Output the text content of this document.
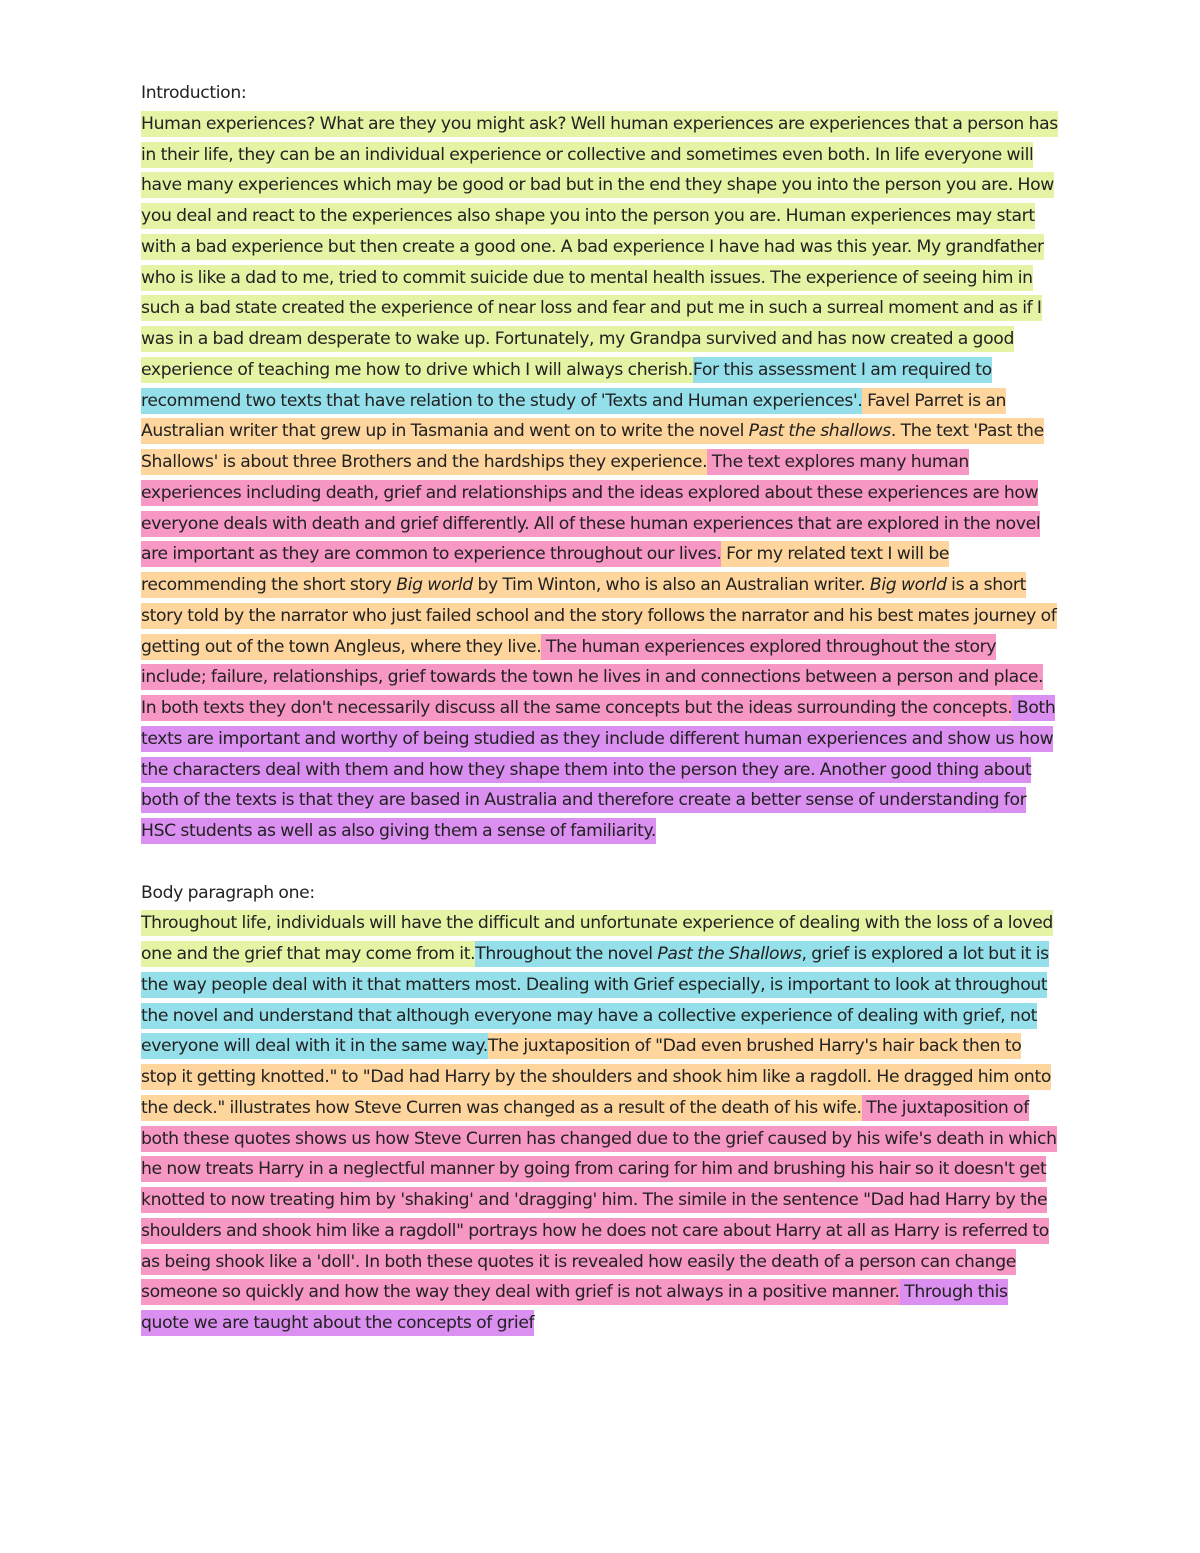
Introduction:

Human experiences? What are they you might ask? Well human experiences are experiences that a person has in their life, they can be an individual experience or collective and sometimes even both. In life everyone will have many experiences which may be good or bad but in the end they shape you into the person you are. How you deal and react to the experiences also shape you into the person you are. Human experiences may start with a bad experience but then create a good one. A bad experience I have had was this year. My grandfather who is like a dad to me, tried to commit suicide due to mental health issues. The experience of seeing him in such a bad state created the experience of near loss and fear and put me in such a surreal moment and as if I was in a bad dream desperate to wake up. Fortunately, my Grandpa survived and has now created a good experience of teaching me how to drive which I will always cherish.For this assessment I am required to recommend two texts that have relation to the study of 'Texts and Human experiences'. Favel Parret is an Australian writer that grew up in Tasmania and went on to write the novel Past the shallows. The text 'Past the Shallows' is about three Brothers and the hardships they experience. The text explores many human experiences including death, grief and relationships and the ideas explored about these experiences are how everyone deals with death and grief differently. All of these human experiences that are explored in the novel are important as they are common to experience throughout our lives. For my related text I will be recommending the short story Big world by Tim Winton, who is also an Australian writer. Big world is a short story told by the narrator who just failed school and the story follows the narrator and his best mates journey of getting out of the town Angleus, where they live. The human experiences explored throughout the story include; failure, relationships, grief towards the town he lives in and connections between a person and place. In both texts they don't necessarily discuss all the same concepts but the ideas surrounding the concepts. Both texts are important and worthy of being studied as they include different human experiences and show us how the characters deal with them and how they shape them into the person they are. Another good thing about both of the texts is that they are based in Australia and therefore create a better sense of understanding for HSC students as well as also giving them a sense of familiarity.

Body paragraph one:

Throughout life, individuals will have the difficult and unfortunate experience of dealing with the loss of a loved one and the grief that may come from it.Throughout the novel Past the Shallows, grief is explored a lot but it is the way people deal with it that matters most. Dealing with Grief especially, is important to look at throughout the novel and understand that although everyone may have a collective experience of dealing with grief, not everyone will deal with it in the same way.The juxtaposition of "Dad even brushed Harry's hair back then to stop it getting knotted." to "Dad had Harry by the shoulders and shook him like a ragdoll. He dragged him onto the deck." illustrates how Steve Curren was changed as a result of the death of his wife. The juxtaposition of both these quotes shows us how Steve Curren has changed due to the grief caused by his wife's death in which he now treats Harry in a neglectful manner by going from caring for him and brushing his hair so it doesn't get knotted to now treating him by 'shaking' and 'dragging' him. The simile in the sentence "Dad had Harry by the shoulders and shook him like a ragdoll" portrays how he does not care about Harry at all as Harry is referred to as being shook like a 'doll'. In both these quotes it is revealed how easily the death of a person can change someone so quickly and how the way they deal with grief is not always in a positive manner. Through this quote we are taught about the concepts of grief
